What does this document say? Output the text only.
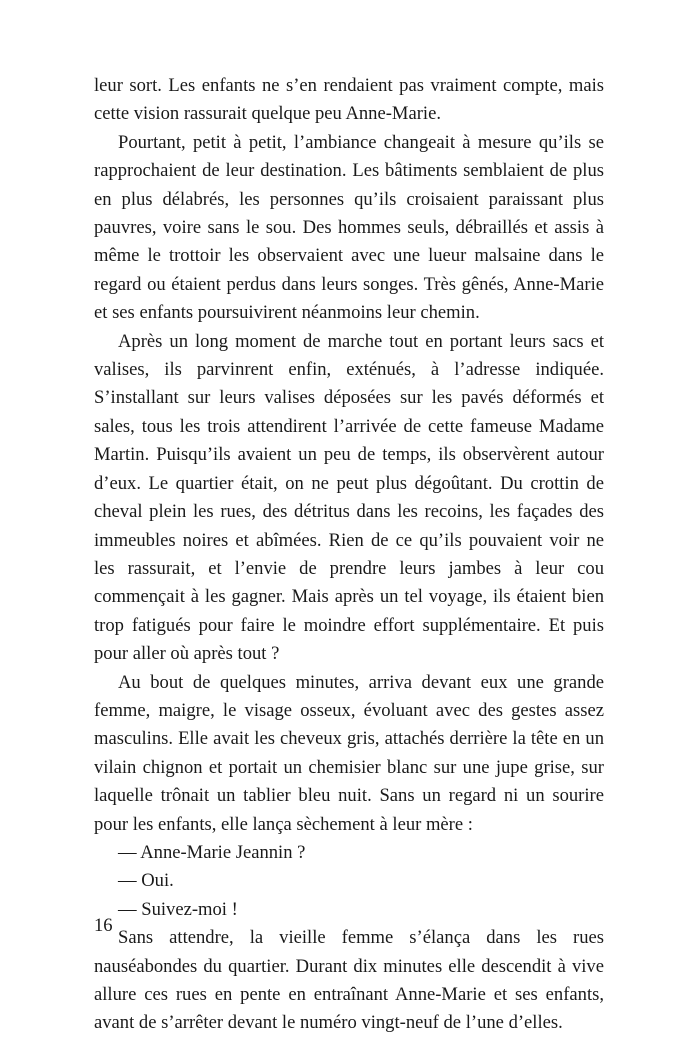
leur sort. Les enfants ne s’en rendaient pas vraiment compte, mais cette vision rassurait quelque peu Anne-Marie.

Pourtant, petit à petit, l’ambiance changeait à mesure qu’ils se rapprochaient de leur destination. Les bâtiments semblaient de plus en plus délabrés, les personnes qu’ils croisaient paraissant plus pauvres, voire sans le sou. Des hommes seuls, débraillés et assis à même le trottoir les observaient avec une lueur malsaine dans le regard ou étaient perdus dans leurs songes. Très gênés, Anne-Marie et ses enfants poursuivirent néanmoins leur chemin.

Après un long moment de marche tout en portant leurs sacs et valises, ils parvinrent enfin, exténués, à l’adresse indiquée. S’installant sur leurs valises déposées sur les pavés déformés et sales, tous les trois attendirent l’arrivée de cette fameuse Madame Martin. Puisqu’ils avaient un peu de temps, ils observèrent autour d’eux. Le quartier était, on ne peut plus dégoûtant. Du crottin de cheval plein les rues, des détritus dans les recoins, les façades des immeubles noires et abîmées. Rien de ce qu’ils pouvaient voir ne les rassurait, et l’envie de prendre leurs jambes à leur cou commençait à les gagner. Mais après un tel voyage, ils étaient bien trop fatigués pour faire le moindre effort supplémentaire. Et puis pour aller où après tout ?

Au bout de quelques minutes, arriva devant eux une grande femme, maigre, le visage osseux, évoluant avec des gestes assez masculins. Elle avait les cheveux gris, attachés derrière la tête en un vilain chignon et portait un chemisier blanc sur une jupe grise, sur laquelle trônait un tablier bleu nuit. Sans un regard ni un sourire pour les enfants, elle lança sèchement à leur mère :

— Anne-Marie Jeannin ?

— Oui.

— Suivez-moi !

Sans attendre, la vieille femme s’élança dans les rues nauséabondes du quartier. Durant dix minutes elle descendit à vive allure ces rues en pente en entraînant Anne-Marie et ses enfants, avant de s’arrêter devant le numéro vingt-neuf de l’une d’elles.

16
